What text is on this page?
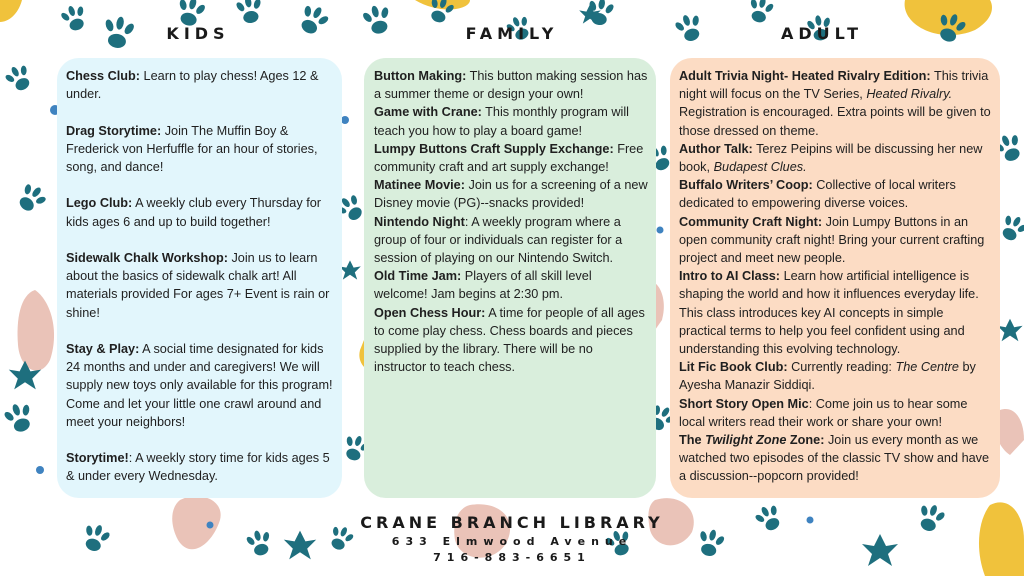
KIDS	FAMILY	ADULT

Chess Club: Learn to play chess! Ages 12 & under.

Drag Storytime: Join The Muffin Boy & Frederick von Herfuffle for an hour of stories, song, and dance!

Lego Club: A weekly club every Thursday for kids ages 6 and up to build together!

Sidewalk Chalk Workshop: Join us to learn about the basics of sidewalk chalk art! All materials provided For ages 7+ Event is rain or shine!

Stay & Play: A social time designated for kids 24 months and under and caregivers! We will supply new toys only available for this program! Come and let your little one crawl around and meet your neighbors!

Storytime!: A weekly story time for kids ages 5 & under every Wednesday.

Button Making: This button making session has a summer theme or design your own!

Game with Crane: This monthly program will teach you how to play a board game!

Lumpy Buttons Craft Supply Exchange: Free community craft and art supply exchange!

Matinee Movie: Join us for a screening of a new Disney movie (PG)--snacks provided!

Nintendo Night: A weekly program where a group of four or individuals can register for a session of playing on our Nintendo Switch.

Old Time Jam: Players of all skill level welcome! Jam begins at 2:30 pm.

Open Chess Hour: A time for people of all ages to come play chess. Chess boards and pieces supplied by the library. There will be no instructor to teach chess.

Adult Trivia Night- Heated Rivalry Edition: This trivia night will focus on the TV Series, Heated Rivalry. Registration is encouraged. Extra points will be given to those dressed on theme.

Author Talk: Terez Peipins will be discussing her new book, Budapest Clues.

Buffalo Writers’ Coop: Collective of local writers dedicated to empowering diverse voices.

Community Craft Night: Join Lumpy Buttons in an open community craft night! Bring your current crafting project and meet new people.

Intro to AI Class: Learn how artificial intelligence is shaping the world and how it influences everyday life. This class introduces key AI concepts in simple practical terms to help you feel confident using and understanding this evolving technology.

Lit Fic Book Club: Currently reading: The Centre by Ayesha Manazir Siddiqi.

Short Story Open Mic: Come join us to hear some local writers read their work or share your own!

The Twilight Zone Zone: Join us every month as we watched two episodes of the classic TV show and have a discussion--popcorn provided!

CRANE BRANCH LIBRARY
633 Elmwood Avenue
716-883-6651
